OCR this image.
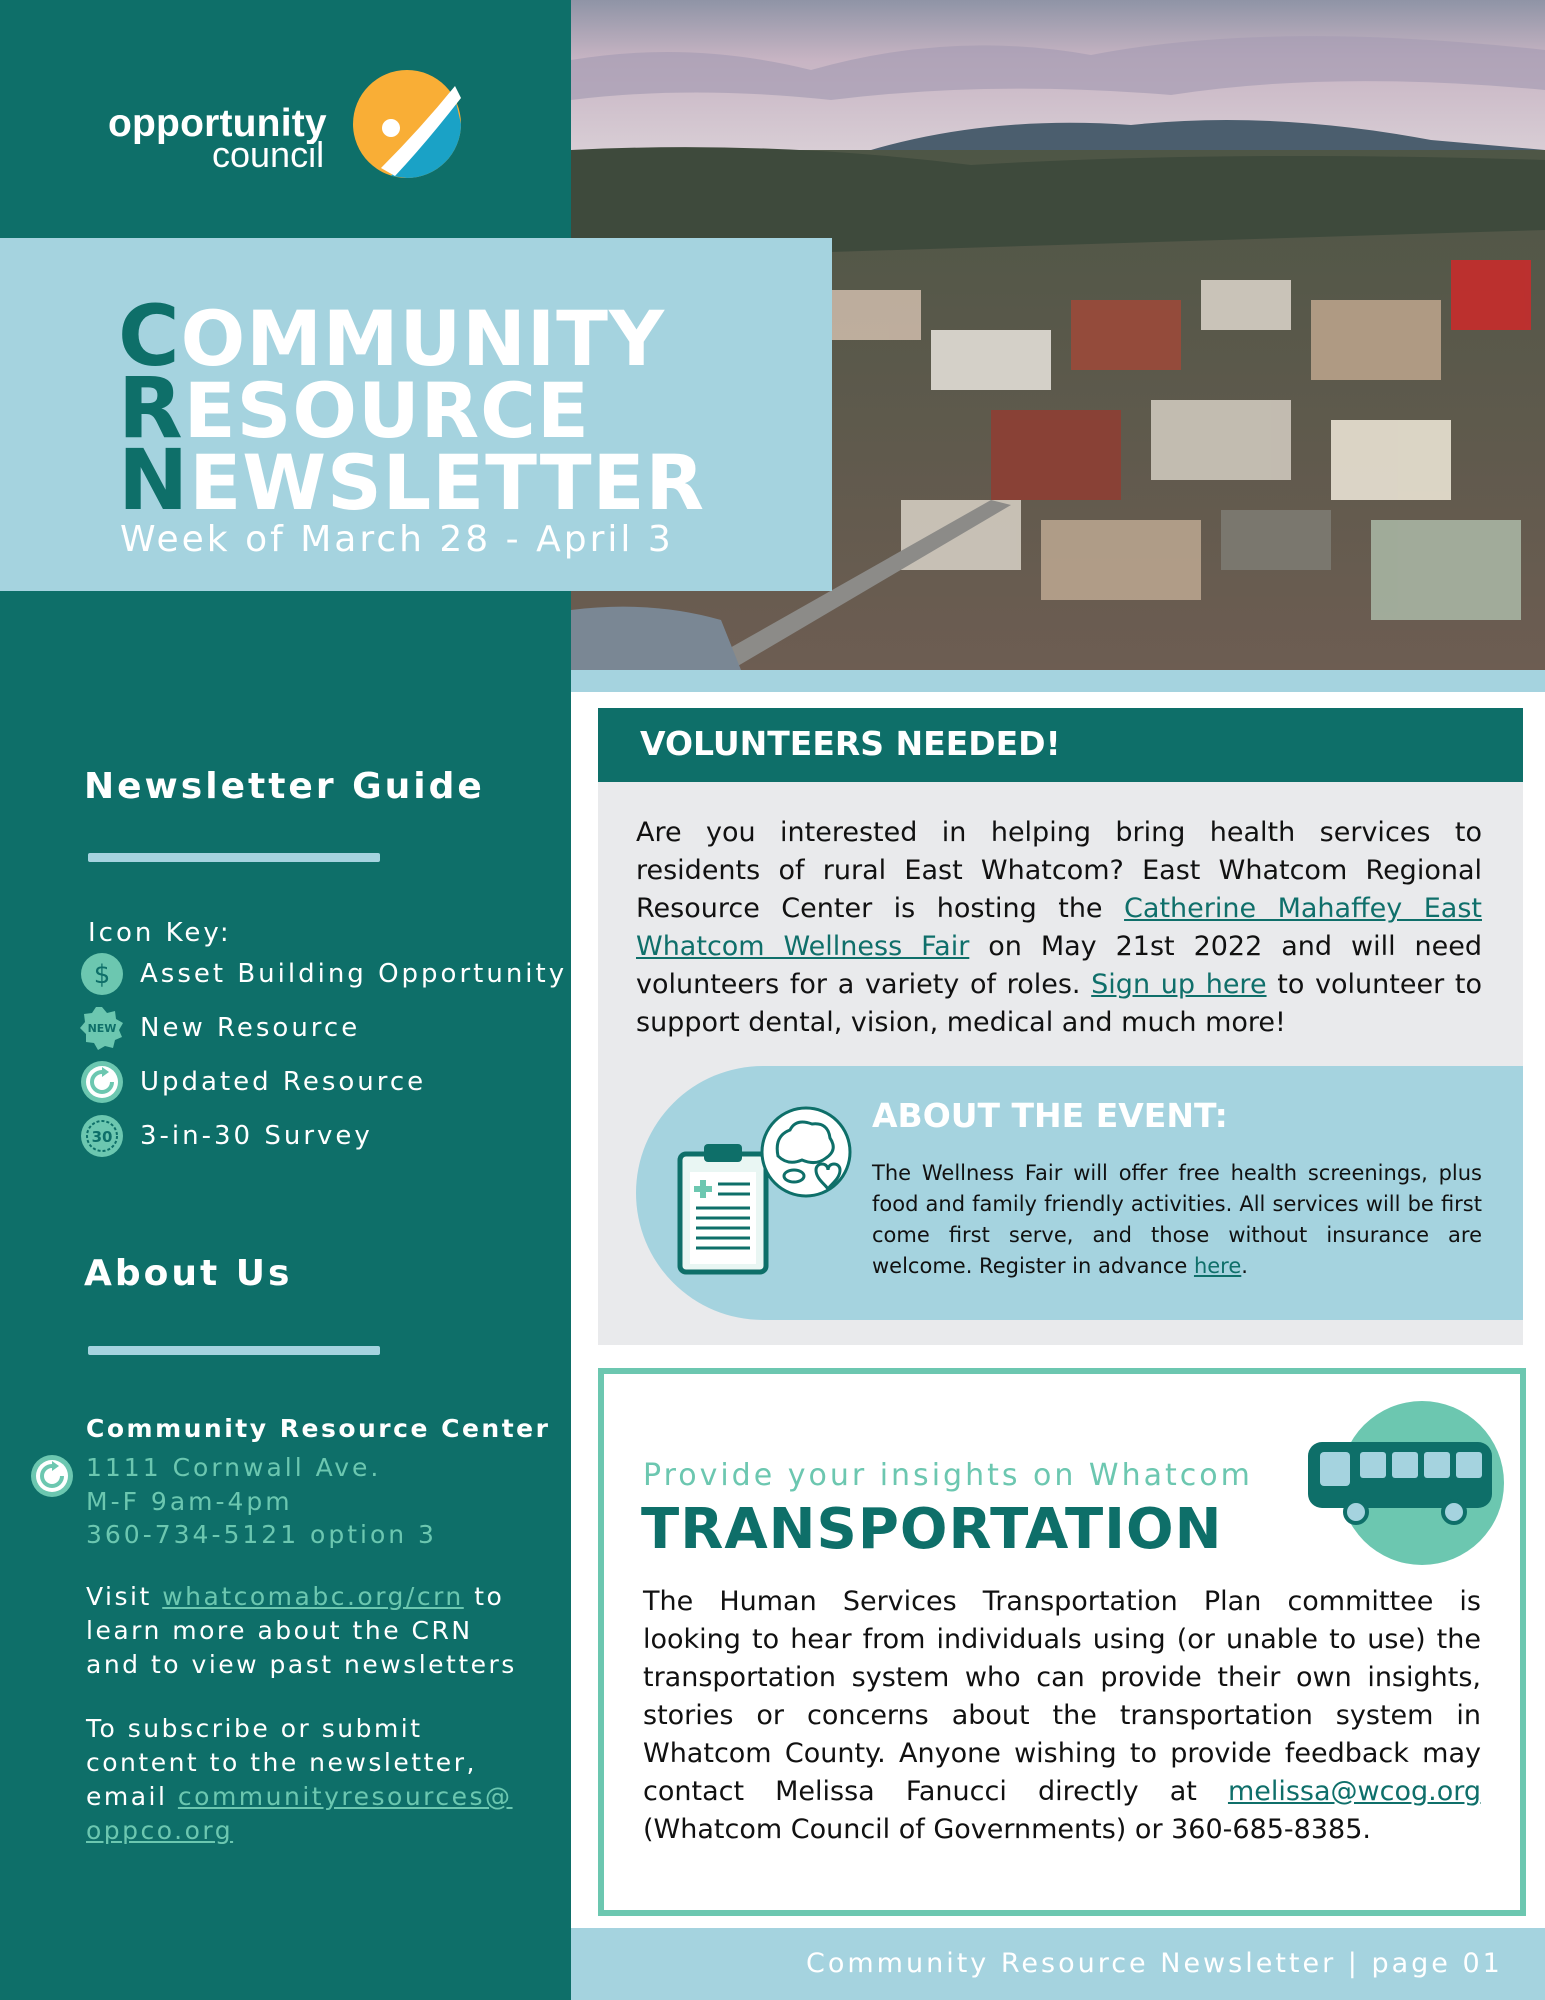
opportunity
council
COMMUNITY
RESOURCE
NEWSLETTER
Week of March 28 - April 3
Newsletter Guide
Icon Key:
$ Asset Building Opportunity
NEW New Resource
Updated Resource
30 3-in-30 Survey
About Us
Community Resource Center
1111 Cornwall Ave.
M-F 9am-4pm
360-734-5121 option 3
Visit whatcomabc.org/crn to learn more about the CRN and to view past newsletters
To subscribe or submit content to the newsletter, email communityresources@ oppco.org
VOLUNTEERS NEEDED!
Are you interested in helping bring health services to residents of rural East Whatcom? East Whatcom Regional Resource Center is hosting the Catherine Mahaffey East Whatcom Wellness Fair on May 21st 2022 and will need volunteers for a variety of roles. Sign up here to volunteer to support dental, vision, medical and much more!
ABOUT THE EVENT:
The Wellness Fair will offer free health screenings, plus food and family friendly activities. All services will be first come first serve, and those without insurance are welcome. Register in advance here.
Provide your insights on Whatcom
TRANSPORTATION
The Human Services Transportation Plan committee is looking to hear from individuals using (or unable to use) the transportation system who can provide their own insights, stories or concerns about the transportation system in Whatcom County. Anyone wishing to provide feedback may contact Melissa Fanucci directly at melissa@wcog.org (Whatcom Council of Governments) or 360-685-8385.
Community Resource Newsletter | page 01
